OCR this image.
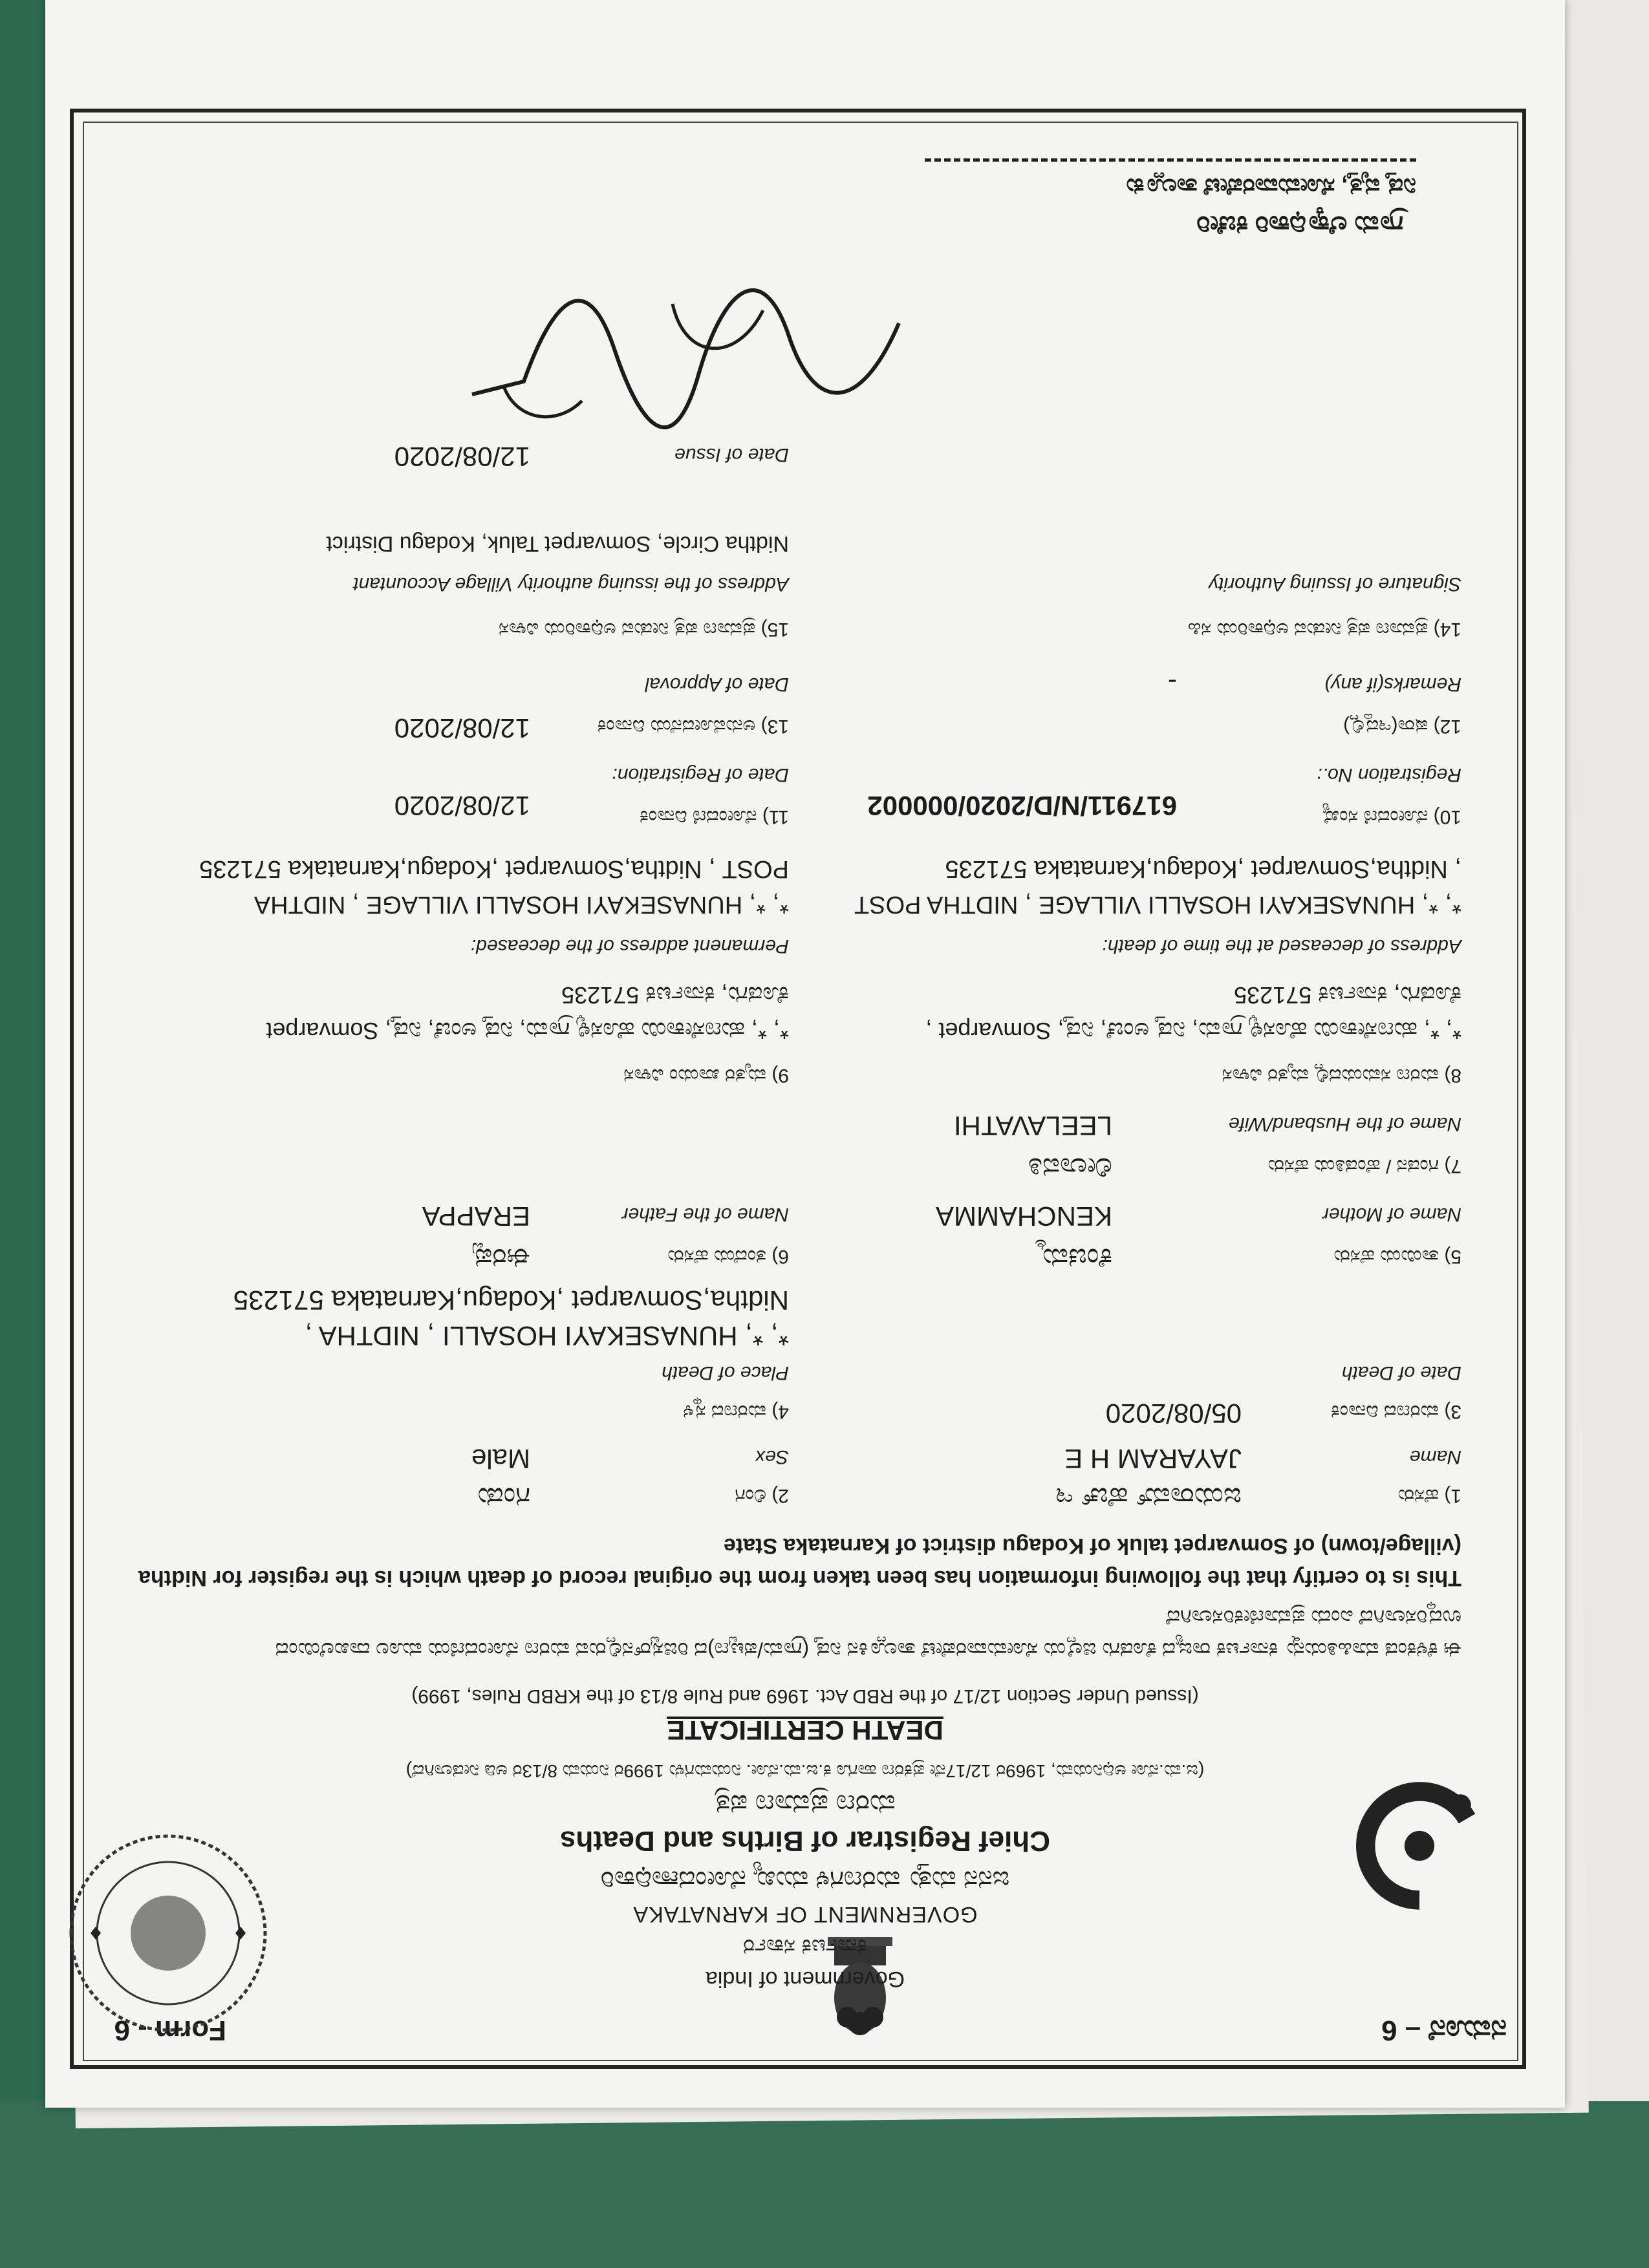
ನಮೂನೆ – 6
Form - 6
Government of India
ಕರ್ನಾಟಕ ಸರ್ಕಾರ
GOVERNMENT OF KARNATAKA
ಜನನ ಮತ್ತು ಮರಣಗಳ ಮುಖ್ಯ ನೋಂದಣಾಧಿಕಾರಿ
Chief Registrar of Births and Deaths
ಮರಣ ಪ್ರಮಾಣ ಪತ್ರ
(ಜ.ಮ.ನೋ ಅಧಿನಿಯಮ, 1969ರ 12/17ನೇ ಪ್ರಕರಣ ಹಾಗೂ ಕ.ಜ.ಮ.ನೋ. ನಿಯಮಗಳು 1999ರ ನಿಯಮ 8/13ರ ಅಡಿ ನೀಡಲಾಗಿದೆ)
DEATH CERTIFICATE
(Issued Under Section 12/17 of the RBD Act. 1969 and Rule 8/13 of the KRBD Rules, 1999)
ಈ ಕೆಳಕಂಡ ಮಾಹಿತಿಯನ್ನು ಕರ್ನಾಟಕ ರಾಜ್ಯದ ಕೊಡಗು ಜಿಲ್ಲೆಯ ಸೋಮವಾರಪೇಟೆ ತಾಲ್ಲೂಕಿನ ನಿಡ್ತ (ಗ್ರಾಮ/ಪಟ್ಟಣ)ದ ರಿಜಿಸ್ಟರ್‌ನಲ್ಲಿರುವ ಮರಣ ನೋಂದಣಿಯ ಮೂಲ ದಾಖಲೆಯಿಂದ
ಉದ್ಧರಿಸಲಾಗಿದೆ ಎಂದು ಪ್ರಮಾಣೀಕರಿಸಲಾಗಿದೆ
This is to certify that the following information has been taken from the original record of death which is the register for Nidtha
(village/town) of Somvarpet taluk of Kodagu district of Karnataka State
1) ಹೆಸರು
ಜಯರಾಮ್ ಹೆಚ್ ಇ
2) ಲಿಂಗ
ಗಂಡು
Name
JAYARAM H E
Sex
Male
3) ಮರಣದ ದಿನಾಂಕ
05/08/2020
4) ಮರಣದ ಸ್ಥಳ
Date of Death
Place of Death
*, *, HUNASEKAYI HOSALLI , NIDTHA ,
Nidtha,Somvarpet ,Kodagu,Karnataka 571235
5) ತಾಯಿಯ ಹೆಸರು
ಕೆಂಚಮ್ಮ
6) ತಂದೆಯ ಹೆಸರು
ಈರಪ್ಪ
Name of Mother
KENCHAMMA
Name of the Father
ERAPPA
7) ಗಂಡನ / ಹೆಂಡತಿಯ ಹೆಸರು
ಲೀಲಾವತಿ
Name of the Husband/Wife
LEELAVATHI
8) ಮರಣ ಸಮಯದಲ್ಲಿ ಮೃತರ ವಿಳಾಸ
9) ಮೃತರ ಖಾಯಂ ವಿಳಾಸ
*, *, ಹುಣಸೇಕಾಯಿ ಹೊಸಳ್ಳಿ ಗ್ರಾಮ, ನಿಡ್ತ ಅಂಚೆ, ನಿಡ್ತ, Somvarpet ,
*, *, ಹುಣಸೇಕಾಯಿ ಹೊಸಳ್ಳಿ ಗ್ರಾಮ, ನಿಡ್ತ ಅಂಚೆ, ನಿಡ್ತ, Somvarpet
ಕೊಡಗು, ಕರ್ನಾಟಕ 571235
ಕೊಡಗು, ಕರ್ನಾಟಕ 571235
Address of deceased at the time of death:
Permanent address of the deceased:
*, *, HUNASEKAYI HOSALLI VILLAGE , NIDTHA POST
*, *, HUNASEKAYI HOSALLI VILLAGE , NIDTHA
, Nidtha,Somvarpet ,Kodagu,Karnataka 571235
POST , Nidtha,Somvarpet ,Kodagu,Karnataka 571235
10) ನೋಂದಣಿ ಸಂಖ್ಯೆ
617911/N/D/2020/000002
11) ನೋಂದಣಿ ದಿನಾಂಕ
12/08/2020
Registration No.:
Date of Registration:
12) ಷರಾ(ಇದ್ದಲ್ಲಿ)
13) ಅನುಮೋದನೆಯ ದಿನಾಂಕ
12/08/2020
Remarks(if any)
-
Date of Approval
14) ಪ್ರಮಾಣ ಪತ್ರ ನೀಡುವ ಅಧಿಕಾರಿಯ ಸಹಿ
15) ಪ್ರಮಾಣ ಪತ್ರ ನೀಡುವ ಅಧಿಕಾರಿಯ ವಿಳಾಸ
Signature of Issuing Authority
Address of the issuing authority Village Accountant
Nidtha Circle, Somvarpet Taluk, Kodagu District
Date of Issue
12/08/2020
ಗ್ರಾಮ ಲೆಕ್ಕಾಧಿಕಾರಿ ಕಚೇರಿ
ನಿಡ್ತ ವೃತ್ತ, ಸೋಮವಾರಪೇಟೆ ತಾಲ್ಲೂಕು
